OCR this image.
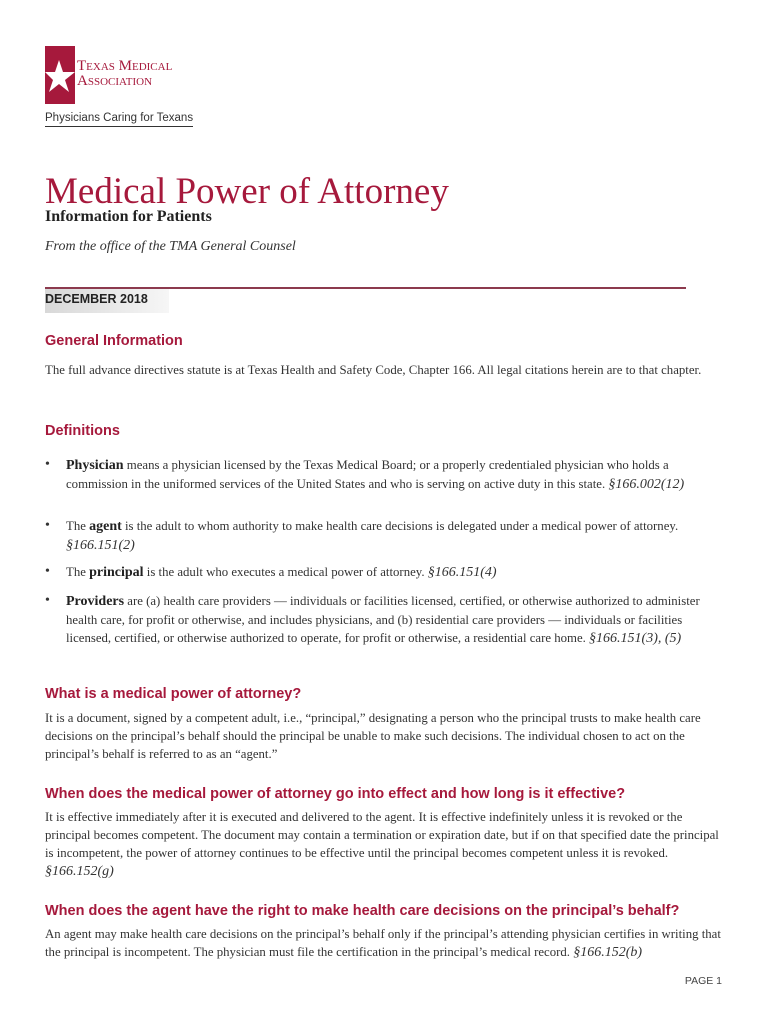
Texas Medical
Association
Physicians Caring for Texans
Medical Power of Attorney
Information for Patients
From the office of the TMA General Counsel
DECEMBER 2018
General Information
The full advance directives statute is at Texas Health and Safety Code, Chapter 166. All legal citations herein are to that chapter.
Definitions
• Physician means a physician licensed by the Texas Medical Board; or a properly credentialed physician who holds a commission in the uniformed services of the United States and who is serving on active duty in this state. §166.002(12)
• The agent is the adult to whom authority to make health care decisions is delegated under a medical power of attorney. §166.151(2)
• The principal is the adult who executes a medical power of attorney. §166.151(4)
• Providers are (a) health care providers — individuals or facilities licensed, certified, or otherwise authorized to administer health care, for profit or otherwise, and includes physicians, and (b) residential care providers — individuals or facilities licensed, certified, or otherwise authorized to operate, for profit or otherwise, a residential care home. §166.151(3), (5)
What is a medical power of attorney?
It is a document, signed by a competent adult, i.e., “principal,” designating a person who the principal trusts to make health care decisions on the principal’s behalf should the principal be unable to make such decisions. The individual chosen to act on the principal’s behalf is referred to as an “agent.”
When does the medical power of attorney go into effect and how long is it effective?
It is effective immediately after it is executed and delivered to the agent. It is effective indefinitely unless it is revoked or the principal becomes competent. The document may contain a termination or expiration date, but if on that specified date the principal is incompetent, the power of attorney continues to be effective until the principal becomes competent unless it is revoked. §166.152(g)
When does the agent have the right to make health care decisions on the principal’s behalf?
An agent may make health care decisions on the principal’s behalf only if the principal’s attending physician certifies in writing that the principal is incompetent. The physician must file the certification in the principal’s medical record. §166.152(b)
PAGE 1
